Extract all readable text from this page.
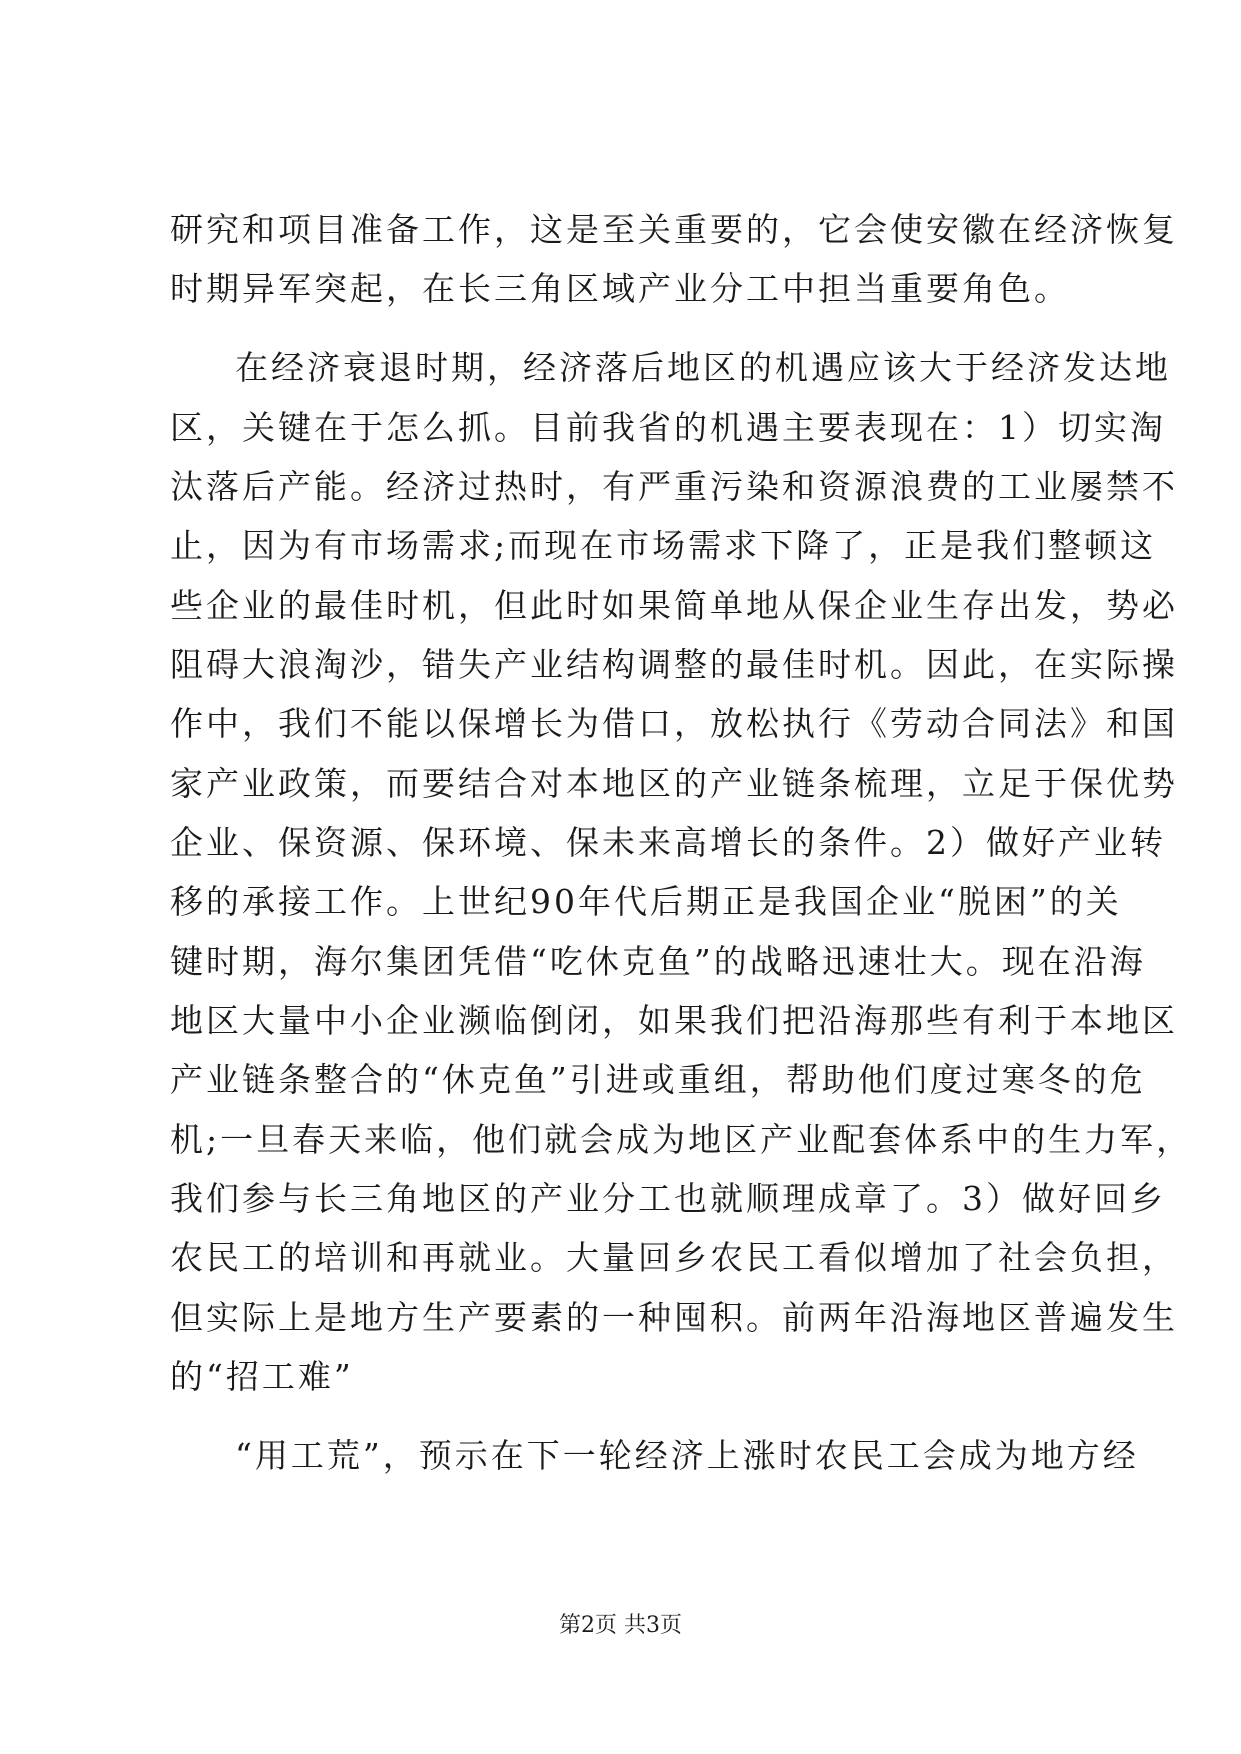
研究和项目准备工作，这是至关重要的，它会使安徽在经济恢复
时期异军突起，在长三角区域产业分工中担当重要角色。
在经济衰退时期，经济落后地区的机遇应该大于经济发达地
区，关键在于怎么抓。目前我省的机遇主要表现在：1）切实淘
汰落后产能。经济过热时，有严重污染和资源浪费的工业屡禁不
止，因为有市场需求;而现在市场需求下降了，正是我们整顿这
些企业的最佳时机，但此时如果简单地从保企业生存出发，势必
阻碍大浪淘沙，错失产业结构调整的最佳时机。因此，在实际操
作中，我们不能以保增长为借口，放松执行《劳动合同法》和国
家产业政策，而要结合对本地区的产业链条梳理，立足于保优势
企业、保资源、保环境、保未来高增长的条件。2）做好产业转
移的承接工作。上世纪90年代后期正是我国企业“脱困”的关
键时期，海尔集团凭借“吃休克鱼”的战略迅速壮大。现在沿海
地区大量中小企业濒临倒闭，如果我们把沿海那些有利于本地区
产业链条整合的“休克鱼”引进或重组，帮助他们度过寒冬的危
机;一旦春天来临，他们就会成为地区产业配套体系中的生力军，
我们参与长三角地区的产业分工也就顺理成章了。3）做好回乡
农民工的培训和再就业。大量回乡农民工看似增加了社会负担，
但实际上是地方生产要素的一种囤积。前两年沿海地区普遍发生
的“招工难”
“用工荒”，预示在下一轮经济上涨时农民工会成为地方经
第2页 共3页
